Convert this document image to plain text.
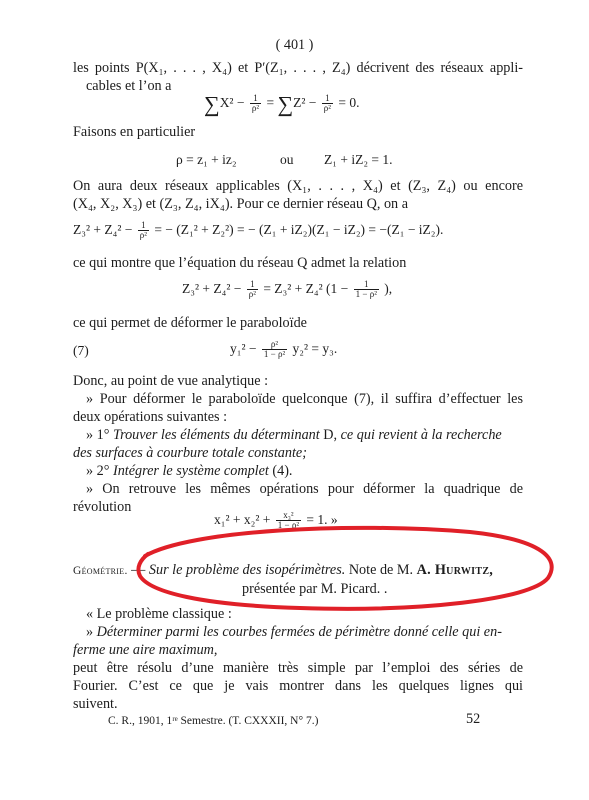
( 401 )
les points P(X₁, . . . , X₄) et P′(Z₁, . . . , Z₄) décrivent des réseaux appli-
cables et l’on a
$\sum X^2 - \frac{1}{\text{ρ²}} = \sum Z^2 - \frac{1}{\text{ρ²}} = 0$.
Faisons en particulier
ρ = z₁ + iz₂	ou Z₁ + iZ₂ = 1.
On aura deux réseaux applicables (X₁, . . . , X₄) et (Z₃, Z₄) ou encore
(X₄, X₂, X₃) et (Z₃, Z₄, iX₄). Pour ce dernier réseau Q, on a
$Z_3^2 + Z_4^2 - \frac{1}{\text{ρ²}}$ = − (Z₁² + Z₂²) = − (Z₁ + iZ₂)(Z₁ − iZ₂) = −(Z₁ − iZ₂).
ce qui montre que l’équation du réseau Q admet la relation
$Z_3^2 + Z_4^2 - \frac{1}{\text{ρ²}} = Z_3^2 + Z_4^2$ ($1 - \frac{1}{\text{1 − ρ²}}$ ),
ce qui permet de déformer le paraboloïde
(7)	$y_1^2 - \frac{\text{ρ²}}{\text{1 − ρ²}} y_2^2 = y_3$.
Donc, au point de vue analytique :
» Pour déformer le paraboloïde quelconque (7), il suffira d’effectuer les
deux opérations suivantes :
» 1° Trouver les éléments du déterminant D, ce qui revient à la recherche
des surfaces à courbure totale constante;
» 2° Intégrer le système complet (4).
» On retrouve les mêmes opérations pour déformer la quadrique de
révolution
$x_1^2 + x_2^2 + \frac{\text{x₃²}}{\text{1 − ρ²}} = 1$. »
Géométrie. — Sur le problème des isopérimètres. Note de M. A. Hurwitz,
présentée par M. Picard. .
« Le problème classique :
» Déterminer parmi les courbes fermées de périmètre donné celle qui en-
ferme une aire maximum,
peut être résolu d’une manière très simple par l’emploi des séries de
Fourier. C’est ce que je vais montrer dans les quelques lignes qui
suivent.
C. R., 1901, 1ʳᵉ Semestre. (T. CXXXII, N° 7.)	52
